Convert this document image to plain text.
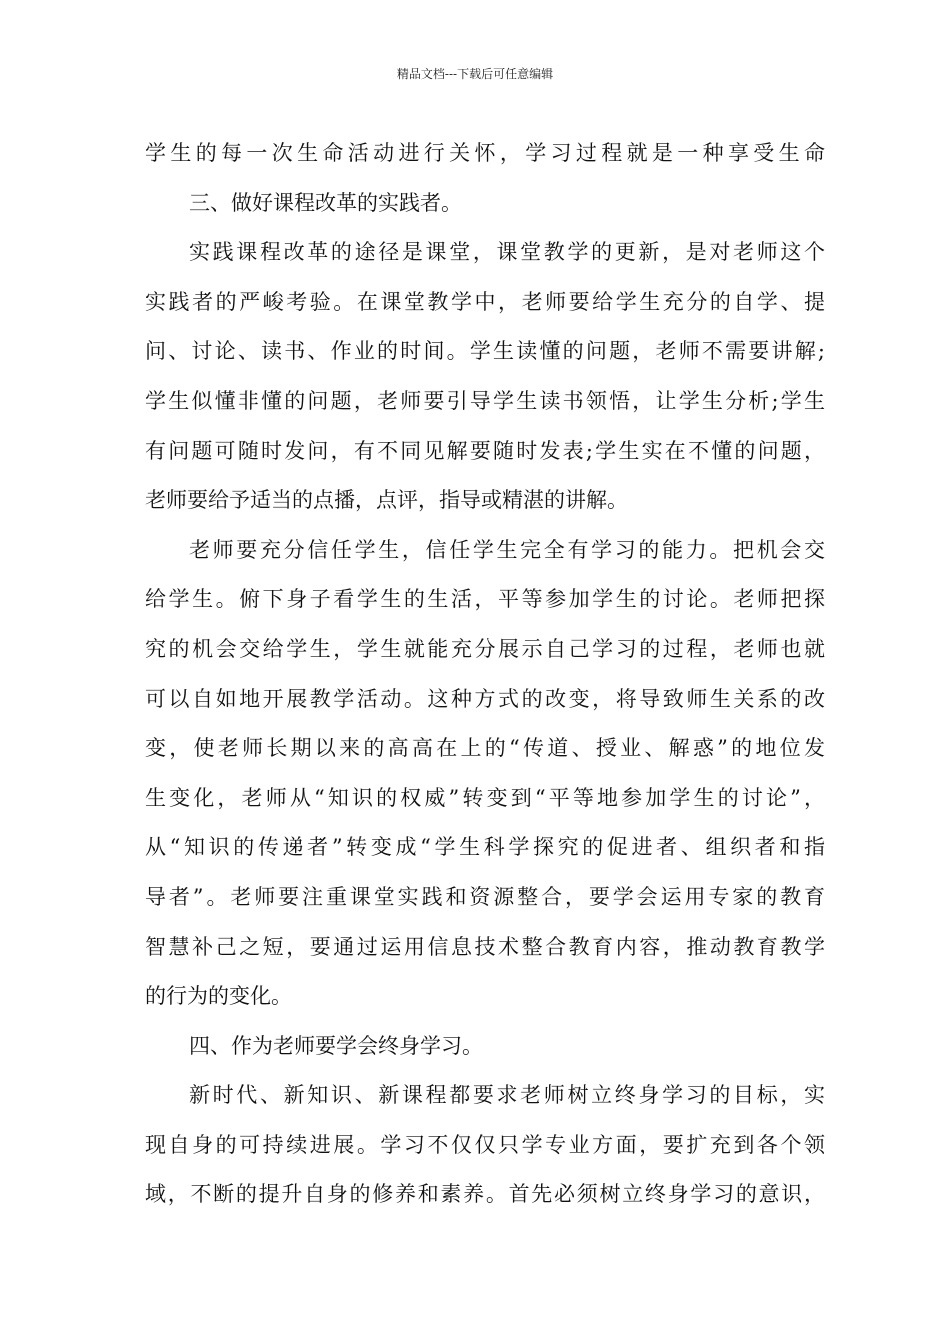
精品文档---下载后可任意编辑
学生的每一次生命活动进行关怀，学习过程就是一种享受生命
三、做好课程改革的实践者。
实践课程改革的途径是课堂，课堂教学的更新，是对老师这个
实践者的严峻考验。在课堂教学中，老师要给学生充分的自学、提
问、讨论、读书、作业的时间。学生读懂的问题，老师不需要讲解;
学生似懂非懂的问题，老师要引导学生读书领悟，让学生分析;学生
有问题可随时发问，有不同见解要随时发表;学生实在不懂的问题，
老师要给予适当的点播，点评，指导或精湛的讲解。
老师要充分信任学生，信任学生完全有学习的能力。把机会交
给学生。俯下身子看学生的生活，平等参加学生的讨论。老师把探
究的机会交给学生，学生就能充分展示自己学习的过程，老师也就
可以自如地开展教学活动。这种方式的改变，将导致师生关系的改
变，使老师长期以来的高高在上的“传道、授业、解惑”的地位发
生变化，老师从“知识的权威”转变到“平等地参加学生的讨论”，
从“知识的传递者”转变成“学生科学探究的促进者、组织者和指
导者”。老师要注重课堂实践和资源整合，要学会运用专家的教育
智慧补己之短，要通过运用信息技术整合教育内容，推动教育教学
的行为的变化。
四、作为老师要学会终身学习。
新时代、新知识、新课程都要求老师树立终身学习的目标，实
现自身的可持续进展。学习不仅仅只学专业方面，要扩充到各个领
域，不断的提升自身的修养和素养。首先必须树立终身学习的意识，
